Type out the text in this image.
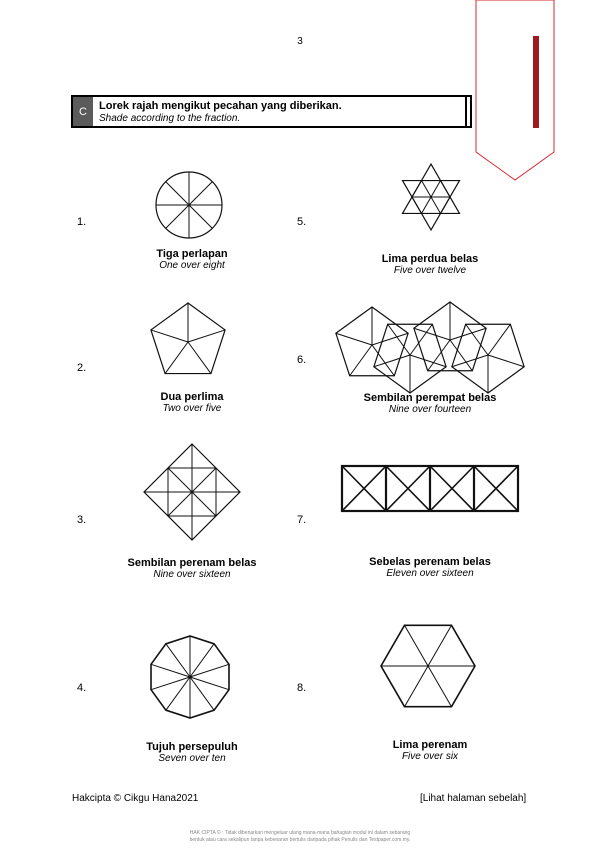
3	SAMPLE
C	Lorek rajah mengikut pecahan yang diberikan.
Shade according to the fraction.
1.
2.
3.
4.
5.
6.
7.
8.
Tiga perlapan
One over eight
Dua perlima
Two over five
Sembilan perenam belas
Nine over sixteen
Tujuh persepuluh
Seven over ten
Lima perdua belas
Five over twelve
Sembilan perempat belas
Nine over fourteen
Sebelas perenam belas
Eleven over sixteen
Lima perenam
Five over six
Hakcipta © Cikgu Hana2021	[Lihat halaman sebelah]
HAK CIPTA © : Tidak dibenarkan mengeluar ulang mana-mana bahagian modul ini dalam sebarang
bentuk atau cara sekalipun tanpa kebenaran bertulis daripada pihak Penulis dan Testpaper.com.my.
